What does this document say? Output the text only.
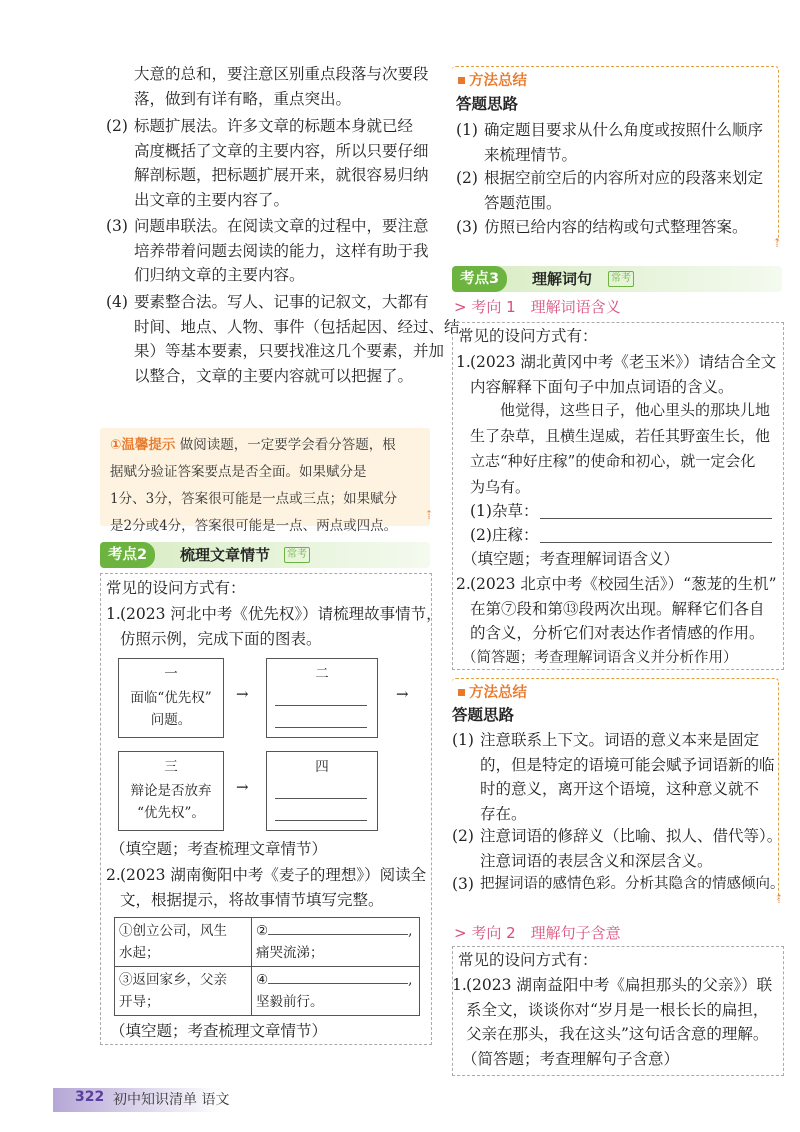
大意的总和，要注意区别重点段落与次要段
落，做到有详有略，重点突出。
(2) 标题扩展法。许多文章的标题本身就已经
高度概括了文章的主要内容，所以只要仔细
解剖标题，把标题扩展开来，就很容易归纳
出文章的主要内容了。
(3) 问题串联法。在阅读文章的过程中，要注意
培养带着问题去阅读的能力，这样有助于我
们归纳文章的主要内容。
(4) 要素整合法。写人、记事的记叙文，大都有
时间、地点、人物、事件（包括起因、经过、结
果）等基本要素，只要找准这几个要素，并加
以整合，文章的主要内容就可以把握了。
①温馨提示 做阅读题，一定要学会看分答题，根
据赋分验证答案要点是否全面。如果赋分是
1分、3分，答案很可能是一点或三点；如果赋分
是2分或4分，答案很可能是一点、两点或四点。
⇡
考点2	梳理文章情节	常考
常见的设问方式有：
1. (2023 河北中考《优先权》）请梳理故事情节，
仿照示例，完成下面的图表。
一
面临“优先权”
问题。
→
二
→
三
辩论是否放弃
“优先权”。
→
四
（填空题；考查梳理文章情节）
2. (2023 湖南衡阳中考《麦子的理想》）阅读全
文，根据提示，将故事情节填写完整。
①创立公司，风生
水起；	② ,
痛哭流涕；

③返回家乡，父亲
开导；	④ ,
坚毅前行。
（填空题；考查梳理文章情节）
方法总结
答题思路
(1) 确定题目要求从什么角度或按照什么顺序
来梳理情节。
(2) 根据空前空后的内容所对应的段落来划定
答题范围。
(3) 仿照已给内容的结构或句式整理答案。
⇡
考点3	理解词句	常考
> 考向 1　理解词语含义
常见的设问方式有：
1. (2023 湖北黄冈中考《老玉米》）请结合全文
内容解释下面句子中加点词语的含义。
他觉得，这些日子，他心里头的那块儿地
生了杂草，且横生逞威，若任其野蛮生长，他
立志“种好庄稼”的使命和初心，就一定会化
为乌有。
(1)杂草：
(2)庄稼：
（填空题；考查理解词语含义）
2. (2023 北京中考《校园生活》）“葱茏的生机”
在第⑦段和第⑬段两次出现。解释它们各自
的含义，分析它们对表达作者情感的作用。
（简答题；考查理解词语含义并分析作用）
方法总结
答题思路
(1) 注意联系上下文。词语的意义本来是固定
的，但是特定的语境可能会赋予词语新的临
时的意义，离开这个语境，这种意义就不
存在。
(2) 注意词语的修辞义（比喻、拟人、借代等）。
注意词语的表层含义和深层含义。
(3) 把握词语的感情色彩。分析其隐含的情感倾向。
⇡
> 考向 2　理解句子含意
常见的设问方式有：
1. (2023 湖南益阳中考《扁担那头的父亲》）联
系全文，谈谈你对“岁月是一根长长的扁担，
父亲在那头，我在这头”这句话含意的理解。
（简答题；考查理解句子含意）
322 初中知识清单 语文
